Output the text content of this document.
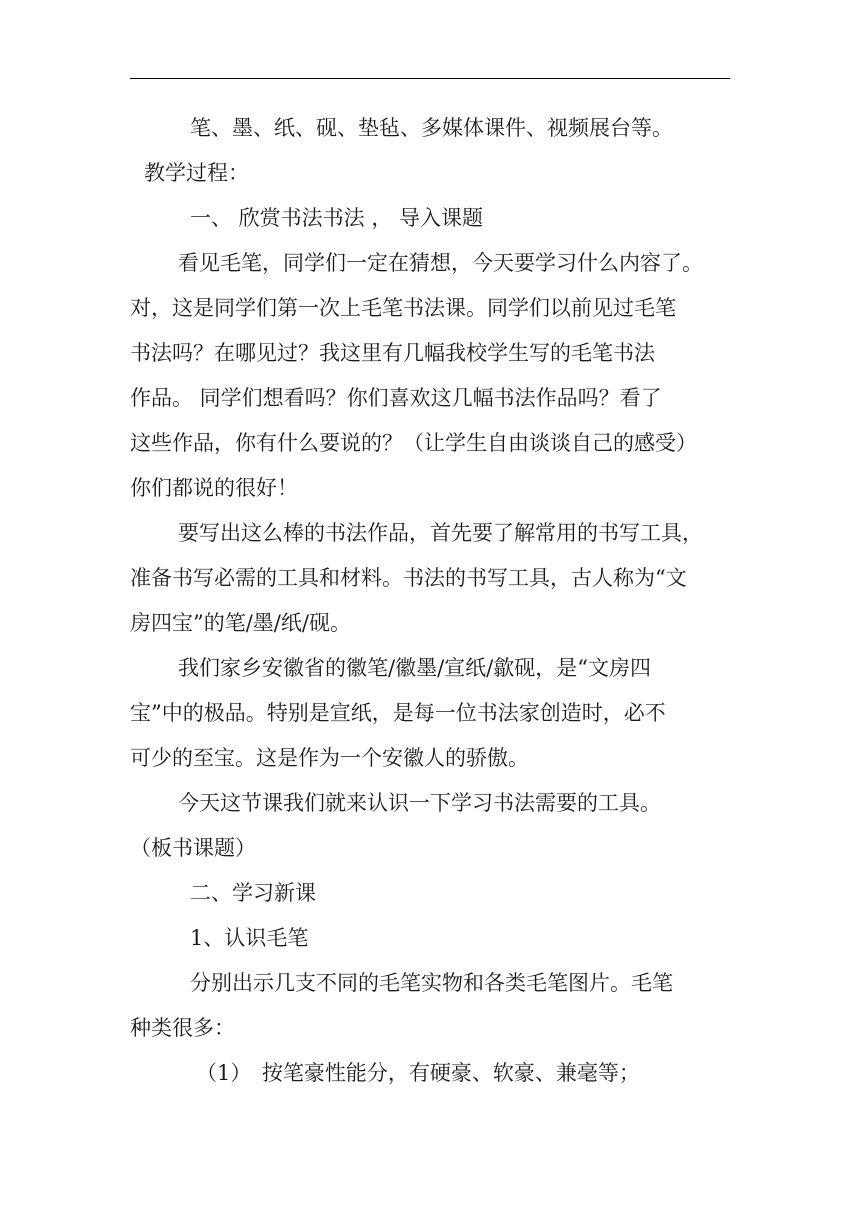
笔、墨、纸、砚、垫毡、多媒体课件、视频展台等。
教学过程：
一、 欣赏书法书法 ， 导入课题
看见毛笔，同学们一定在猜想，今天要学习什么内容了。
对，这是同学们第一次上毛笔书法课。同学们以前见过毛笔
书法吗？在哪见过？我这里有几幅我校学生写的毛笔书法
作品。 同学们想看吗？你们喜欢这几幅书法作品吗？看了
这些作品，你有什么要说的？（让学生自由谈谈自己的感受）
你们都说的很好！
要写出这么棒的书法作品，首先要了解常用的书写工具，
准备书写必需的工具和材料。书法的书写工具，古人称为“文
房四宝”的笔/墨/纸/砚。
我们家乡安徽省的徽笔/徽墨/宣纸/歙砚，是“文房四
宝”中的极品。特别是宣纸，是每一位书法家创造时，必不
可少的至宝。这是作为一个安徽人的骄傲。
今天这节课我们就来认识一下学习书法需要的工具。
（板书课题）
二、学习新课
1、认识毛笔
分别出示几支不同的毛笔实物和各类毛笔图片。毛笔
种类很多：
（1）　按笔豪性能分，有硬豪、软豪、兼毫等；
